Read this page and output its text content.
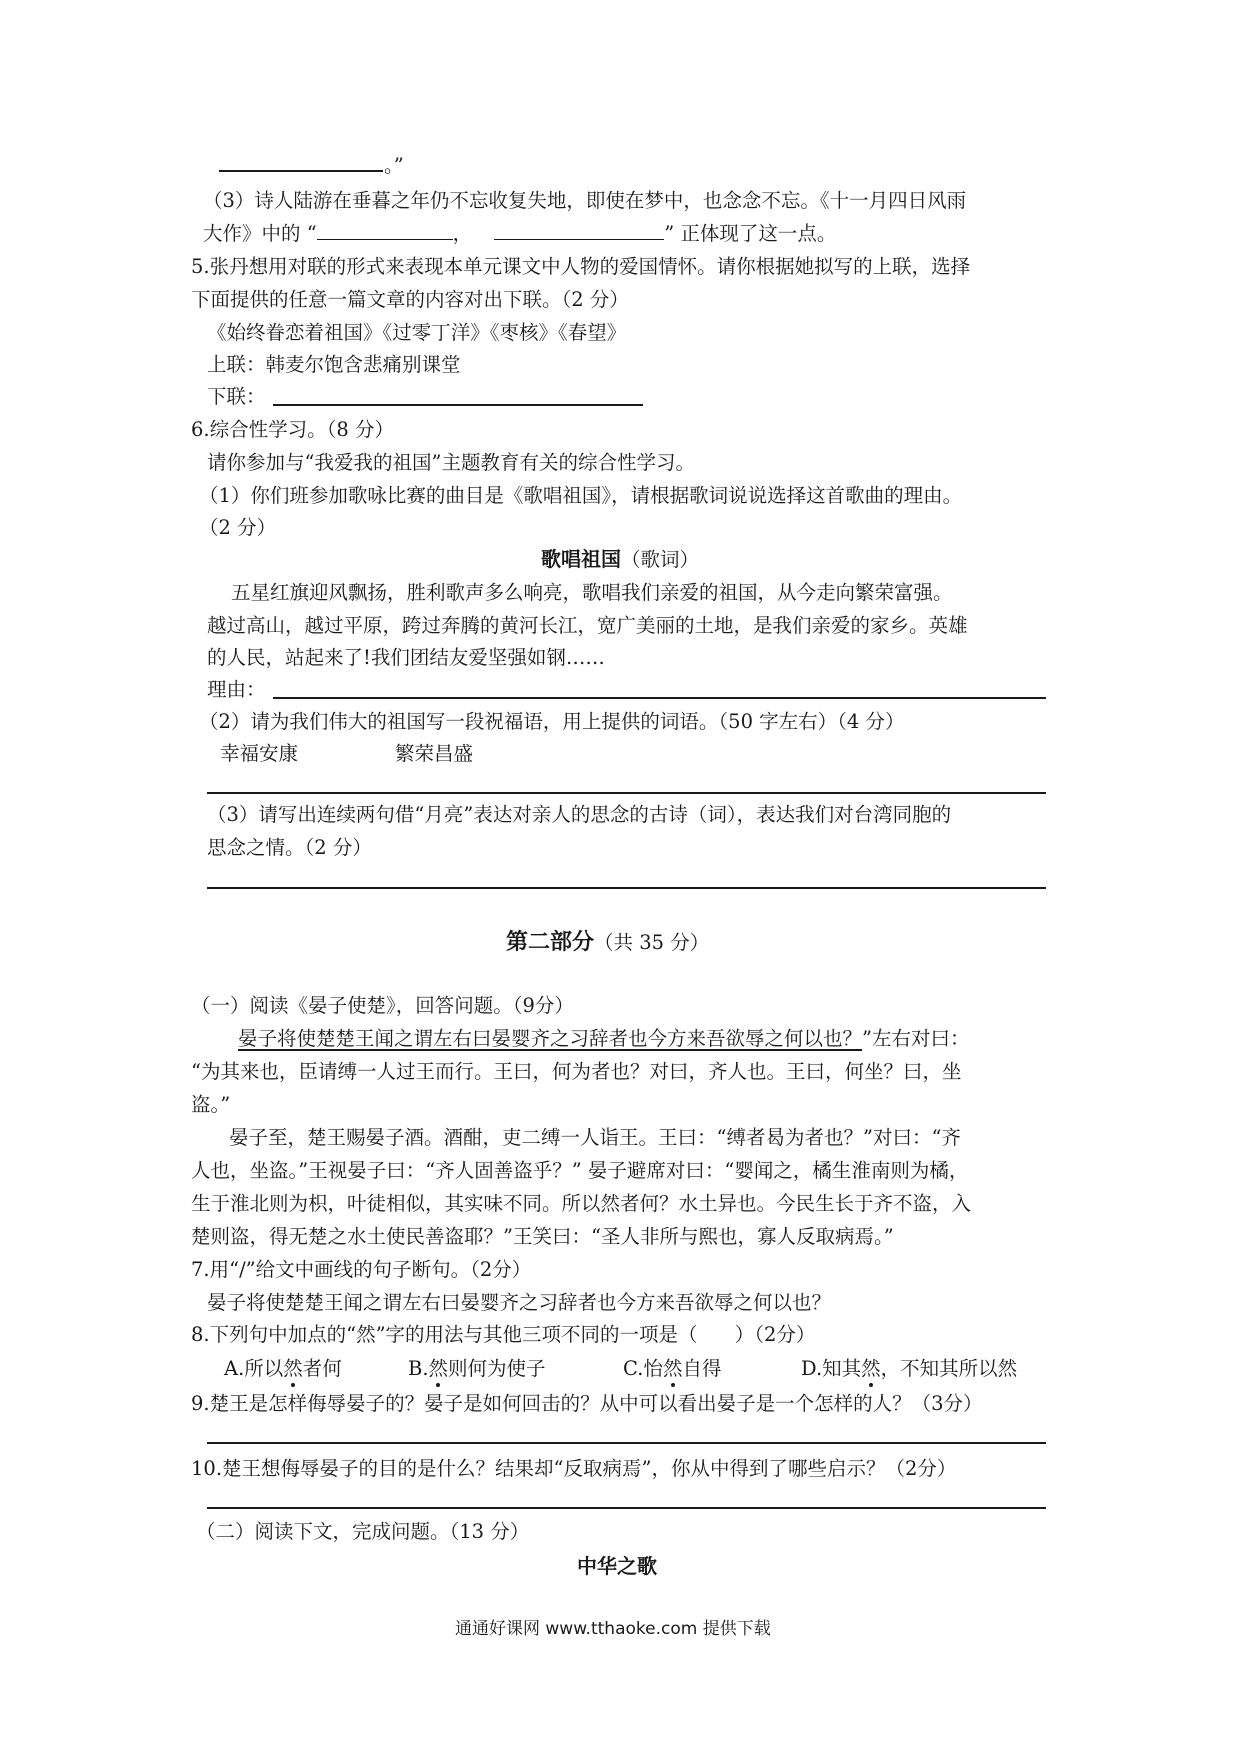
。”
（3）诗人陆游在垂暮之年仍不忘收复失地，即使在梦中，也念念不忘。《十一月四日风雨
大作》中的 “	，	” 正体现了这一点。
5.张丹想用对联的形式来表现本单元课文中人物的爱国情怀。请你根据她拟写的上联，选择
下面提供的任意一篇文章的内容对出下联。（2 分）
《始终眷恋着祖国》《过零丁洋》《枣核》《春望》
上联：韩麦尔饱含悲痛别课堂
下联：
6.综合性学习。（8 分）
请你参加与“我爱我的祖国”主题教育有关的综合性学习。
（1）你们班参加歌咏比赛的曲目是《歌唱祖国》，请根据歌词说说选择这首歌曲的理由。
（2 分）
歌唱祖国（歌词）
五星红旗迎风飘扬，胜利歌声多么响亮，歌唱我们亲爱的祖国，从今走向繁荣富强。
越过高山，越过平原，跨过奔腾的黄河长江，宽广美丽的土地，是我们亲爱的家乡。英雄
的人民，站起来了!我们团结友爱坚强如钢……
理由：
（2）请为我们伟大的祖国写一段祝福语，用上提供的词语。（50 字左右）（4 分）
幸福安康	繁荣昌盛
（3）请写出连续两句借“月亮”表达对亲人的思念的古诗（词），表达我们对台湾同胞的
思念之情。（2 分）
第二部分（共 35 分）
（一）阅读《晏子使楚》，回答问题。（9分）
晏子将使楚楚王闻之谓左右曰晏婴齐之习辞者也今方来吾欲辱之何以也？”左右对曰：
“为其来也，臣请缚一人过王而行。王曰，何为者也？对曰，齐人也。王曰，何坐？曰，坐
盗。”
晏子至，楚王赐晏子酒。酒酣，吏二缚一人诣王。王曰：“缚者曷为者也？”对曰：“齐
人也，坐盗。”王视晏子曰：“齐人固善盗乎？” 晏子避席对曰：“婴闻之，橘生淮南则为橘，
生于淮北则为枳，叶徒相似，其实味不同。所以然者何？水土异也。今民生长于齐不盗，入
楚则盗，得无楚之水土使民善盗耶？”王笑曰：“圣人非所与熙也，寡人反取病焉。”
7.用“/”给文中画线的句子断句。（2分）
晏子将使楚楚王闻之谓左右曰晏婴齐之习辞者也今方来吾欲辱之何以也？
8.下列句中加点的“然”字的用法与其他三项不同的一项是（      ）（2分）
A.所以然者何	B.然则何为使子	C.怡然自得	D.知其然，不知其所以然
9.楚王是怎样侮辱晏子的？晏子是如何回击的？从中可以看出晏子是一个怎样的人？（3分）
10.楚王想侮辱晏子的目的是什么？结果却“反取病焉”，你从中得到了哪些启示？（2分）
（二）阅读下文，完成问题。（13 分）
中华之歌
通通好课网 www.tthaoke.com 提供下载
